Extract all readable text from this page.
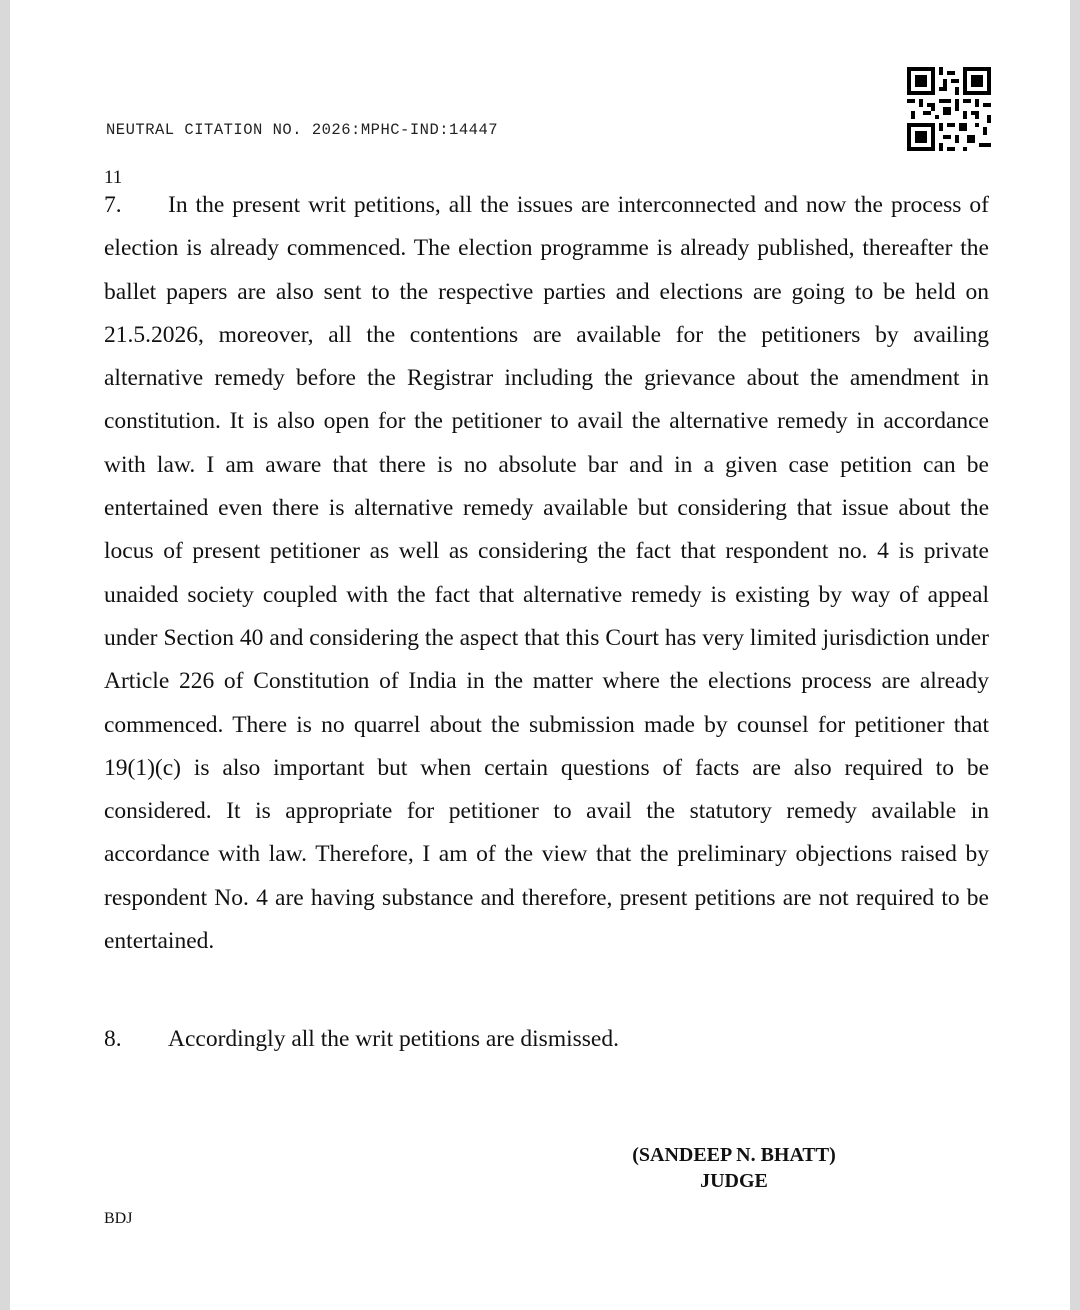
NEUTRAL CITATION NO. 2026:MPHC-IND:14447
11
7. In the present writ petitions, all the issues are interconnected and now the process of election is already commenced. The election programme is already published, thereafter the ballet papers are also sent to the respective parties and elections are going to be held on 21.5.2026, moreover, all the contentions are available for the petitioners by availing alternative remedy before the Registrar including the grievance about the amendment in constitution. It is also open for the petitioner to avail the alternative remedy in accordance with law. I am aware that there is no absolute bar and in a given case petition can be entertained even there is alternative remedy available but considering that issue about the locus of present petitioner as well as considering the fact that respondent no. 4 is private unaided society coupled with the fact that alternative remedy is existing by way of appeal under Section 40 and considering the aspect that this Court has very limited jurisdiction under Article 226 of Constitution of India in the matter where the elections process are already commenced. There is no quarrel about the submission made by counsel for petitioner that 19(1)(c) is also important but when certain questions of facts are also required to be considered. It is appropriate for petitioner to avail the statutory remedy available in accordance with law. Therefore, I am of the view that the preliminary objections raised by respondent No. 4 are having substance and therefore, present petitions are not required to be entertained.
8. Accordingly all the writ petitions are dismissed.
(SANDEEP N. BHATT)
JUDGE
BDJ
